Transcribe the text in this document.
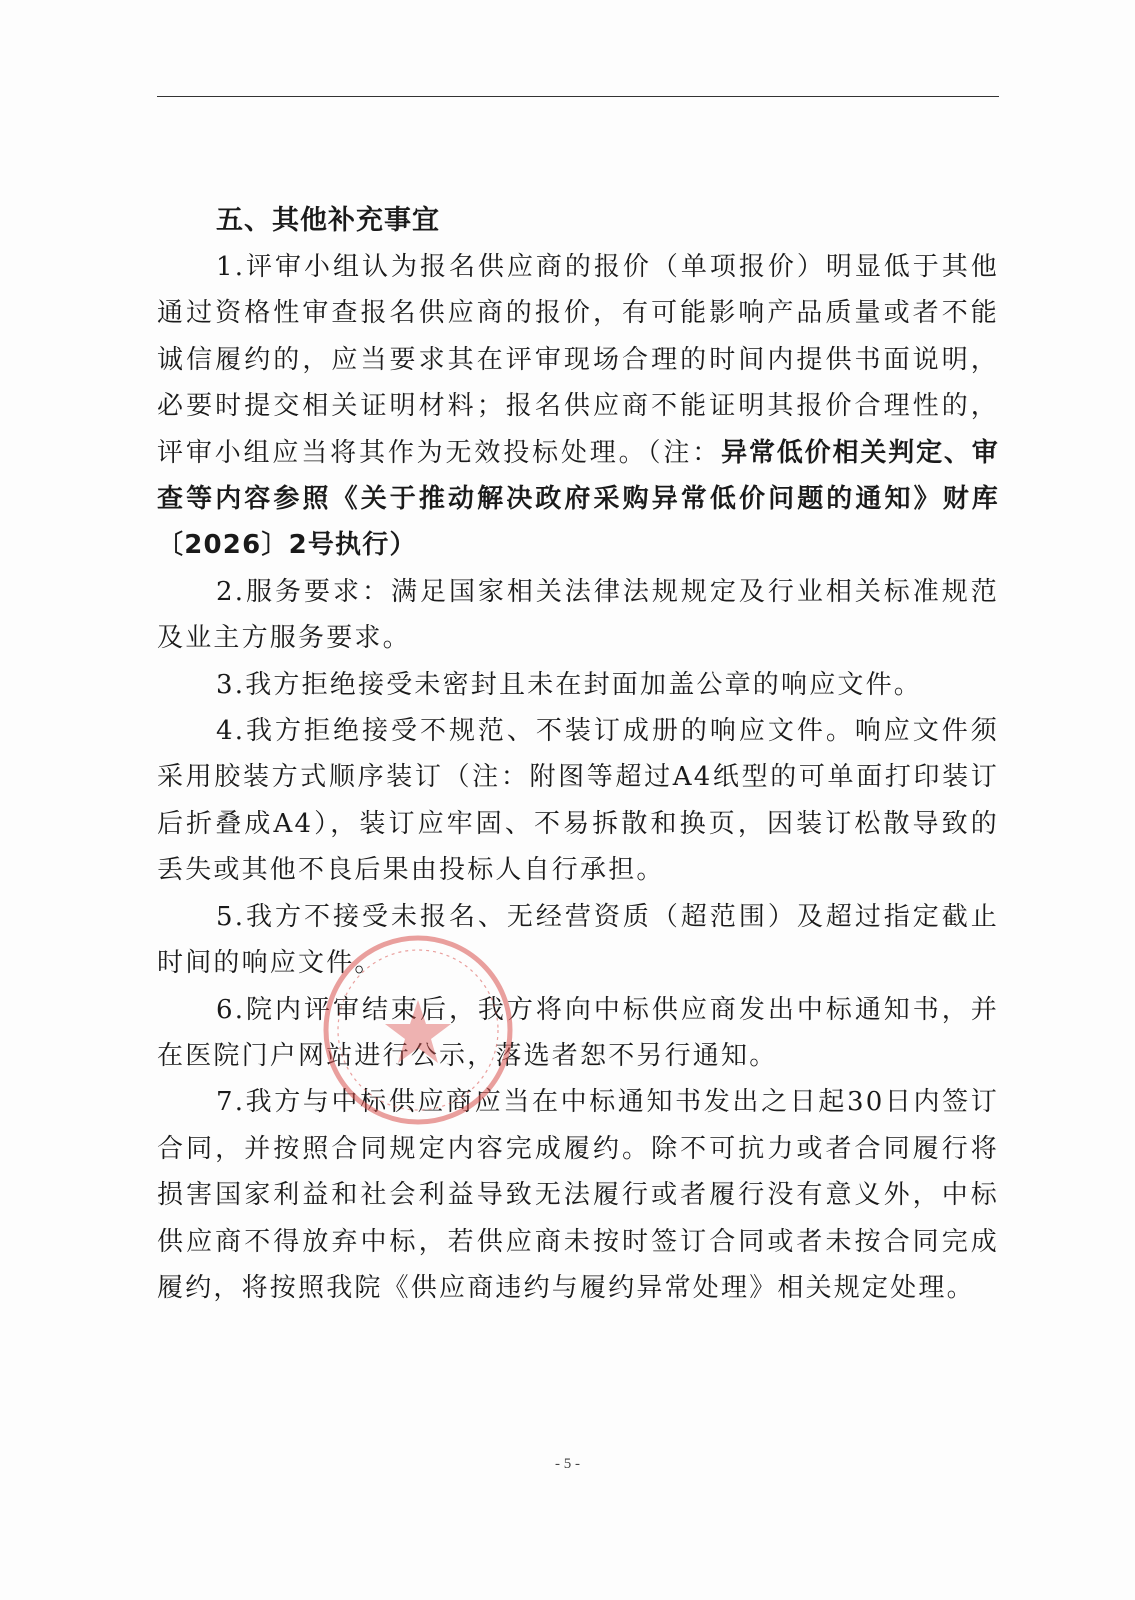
五、其他补充事宜

1.评审小组认为报名供应商的报价（单项报价）明显低于其他通过资格性审查报名供应商的报价，有可能影响产品质量或者不能诚信履约的，应当要求其在评审现场合理的时间内提供书面说明，必要时提交相关证明材料；报名供应商不能证明其报价合理性的，评审小组应当将其作为无效投标处理。（注：异常低价相关判定、审查等内容参照《关于推动解决政府采购异常低价问题的通知》财库〔2026〕2号执行）

2.服务要求：满足国家相关法律法规规定及行业相关标准规范及业主方服务要求。

3.我方拒绝接受未密封且未在封面加盖公章的响应文件。

4.我方拒绝接受不规范、不装订成册的响应文件。响应文件须采用胶装方式顺序装订（注：附图等超过A4纸型的可单面打印装订后折叠成A4），装订应牢固、不易拆散和换页，因装订松散导致的丢失或其他不良后果由投标人自行承担。

5.我方不接受未报名、无经营资质（超范围）及超过指定截止时间的响应文件。

6.院内评审结束后，我方将向中标供应商发出中标通知书，并在医院门户网站进行公示，落选者恕不另行通知。

7.我方与中标供应商应当在中标通知书发出之日起30日内签订合同，并按照合同规定内容完成履约。除不可抗力或者合同履行将损害国家利益和社会利益导致无法履行或者履行没有意义外，中标供应商不得放弃中标，若供应商未按时签订合同或者未按合同完成履约，将按照我院《供应商违约与履约异常处理》相关规定处理。

- 5 -
